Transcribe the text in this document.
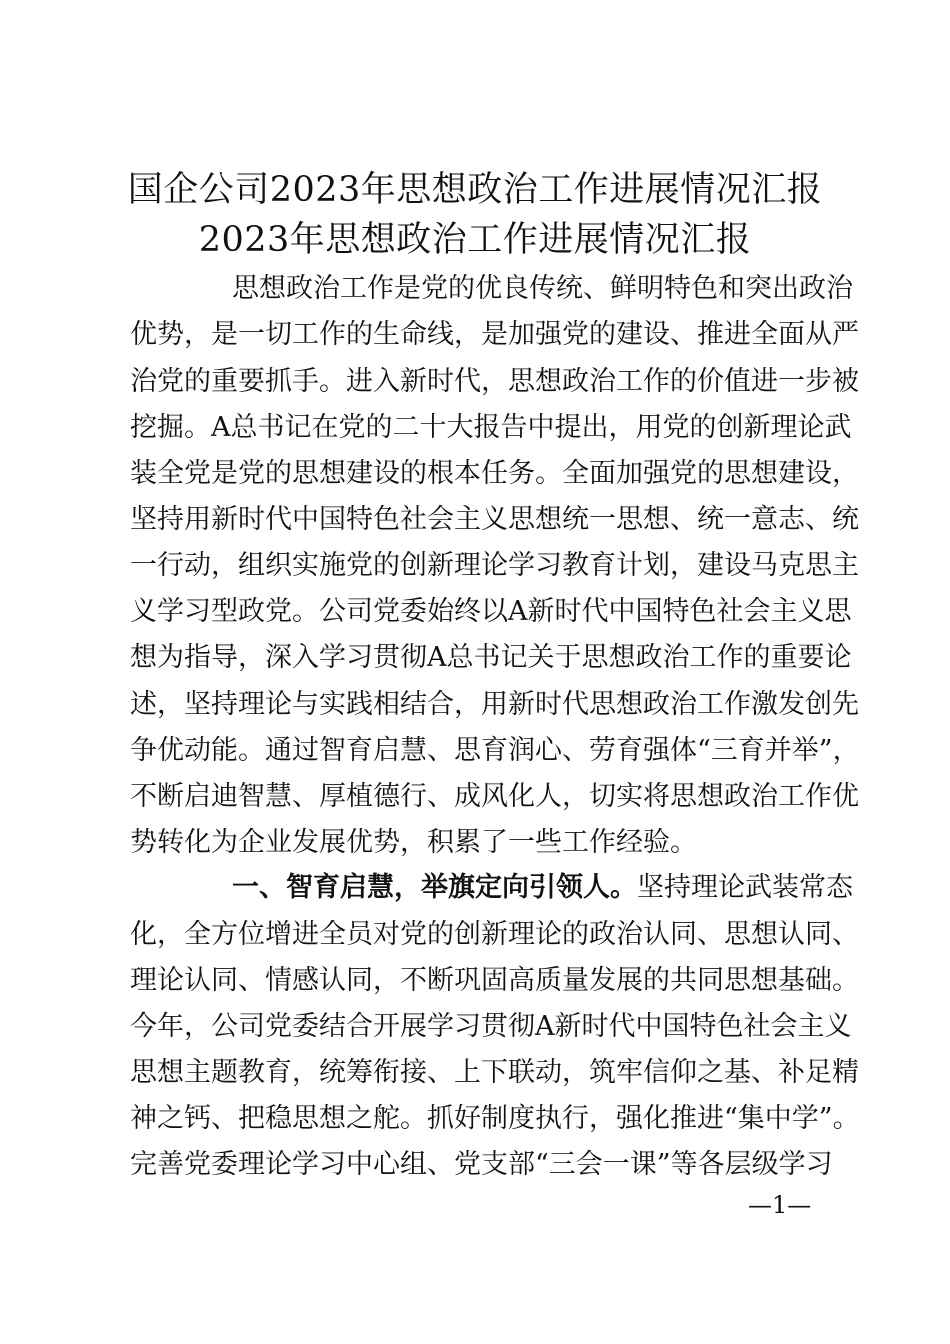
国企公司2023年思想政治工作进展情况汇报
2023年思想政治工作进展情况汇报
思想政治工作是党的优良传统、鲜明特色和突出政治
优势，是一切工作的生命线，是加强党的建设、推进全面从严
治党的重要抓手。进入新时代，思想政治工作的价值进一步被
挖掘。A总书记在党的二十大报告中提出，用党的创新理论武
装全党是党的思想建设的根本任务。全面加强党的思想建设，
坚持用新时代中国特色社会主义思想统一思想、统一意志、统
一行动，组织实施党的创新理论学习教育计划，建设马克思主
义学习型政党。公司党委始终以A新时代中国特色社会主义思
想为指导，深入学习贯彻A总书记关于思想政治工作的重要论
述，坚持理论与实践相结合，用新时代思想政治工作激发创先
争优动能。通过智育启慧、思育润心、劳育强体“三育并举”，
不断启迪智慧、厚植德行、成风化人，切实将思想政治工作优
势转化为企业发展优势，积累了一些工作经验。
一、智育启慧，举旗定向引领人。坚持理论武装常态
化，全方位增进全员对党的创新理论的政治认同、思想认同、
理论认同、情感认同，不断巩固高质量发展的共同思想基础。
今年，公司党委结合开展学习贯彻A新时代中国特色社会主义
思想主题教育，统筹衔接、上下联动，筑牢信仰之基、补足精
神之钙、把稳思想之舵。抓好制度执行，强化推进“集中学”。
完善党委理论学习中心组、党支部“三会一课”等各层级学习
—1—
